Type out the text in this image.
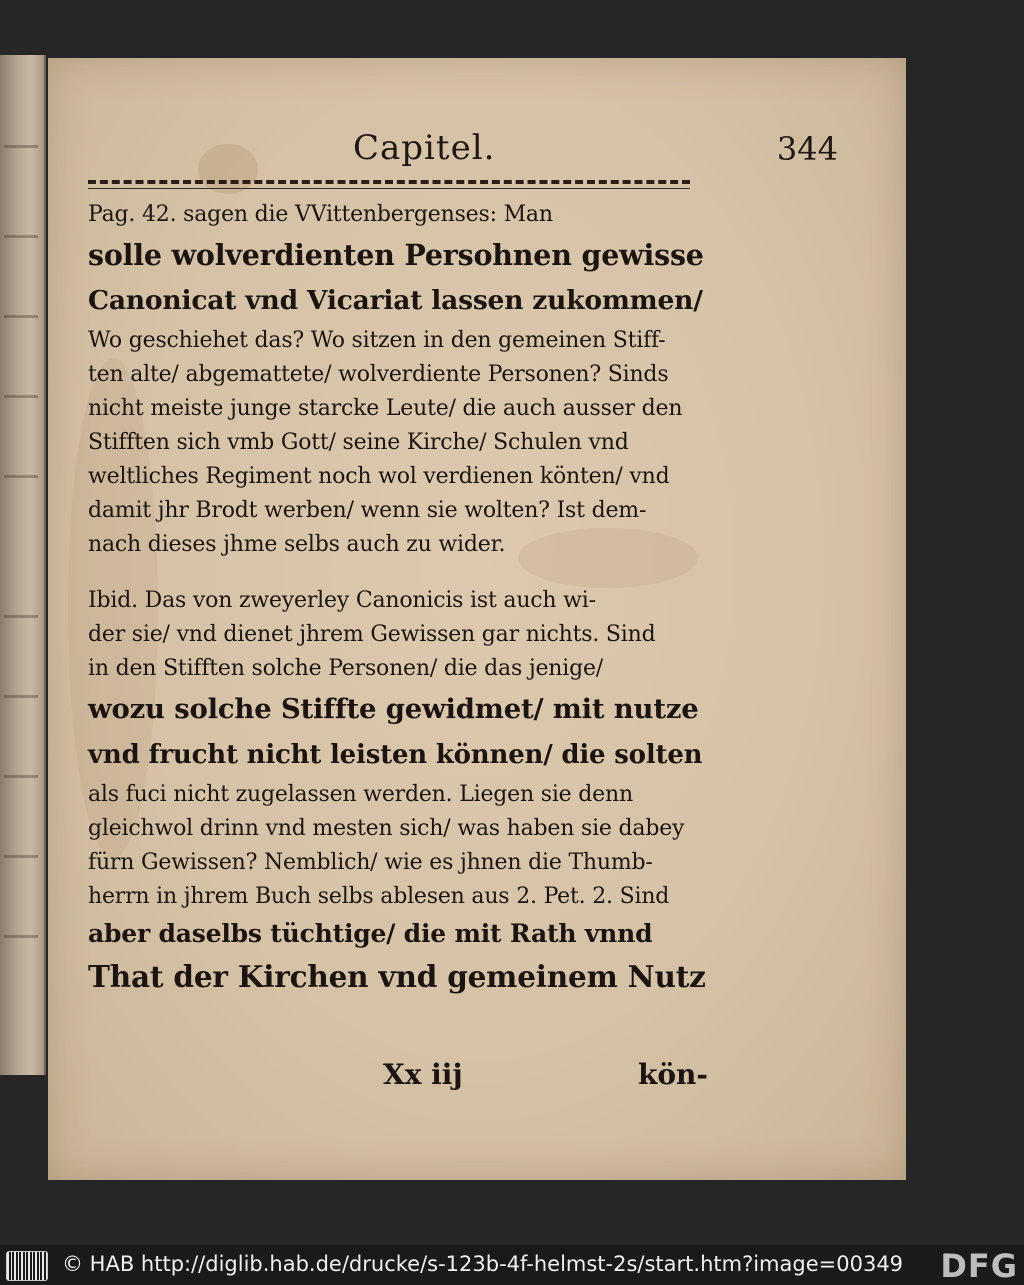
Capitel.	344
Pag. 42. sagen die VVittenbergenses: Man
solle wolverdienten Persohnen gewisse
Canonicat vnd Vicariat lassen zukommen/
Wo geschiehet das? Wo sitzen in den gemeinen Stiff-
ten alte/ abgemattete/ wolverdiente Personen? Sinds
nicht meiste junge starcke Leute/ die auch ausser den
Stifften sich vmb Gott/ seine Kirche/ Schulen vnd
weltliches Regiment noch wol verdienen könten/ vnd
damit jhr Brodt werben/ wenn sie wolten? Ist dem-
nach dieses jhme selbs auch zu wider.
Ibid. Das von zweyerley Canonicis ist auch wi-
der sie/ vnd dienet jhrem Gewissen gar nichts. Sind
in den Stifften solche Personen/ die das jenige/
wozu solche Stiffte gewidmet/ mit nutze
vnd frucht nicht leisten können/ die solten
als fuci nicht zugelassen werden. Liegen sie denn
gleichwol drinn vnd mesten sich/ was haben sie dabey
fürn Gewissen? Nemblich/ wie es jhnen die Thumb-
herrn in jhrem Buch selbs ablesen aus 2. Pet. 2. Sind
aber daselbs tüchtige/ die mit Rath vnnd
That der Kirchen vnd gemeinem Nutz
Xx iij	kön-
© HAB http://diglib.hab.de/drucke/s-123b-4f-helmst-2s/start.htm?image=00349 DFG
